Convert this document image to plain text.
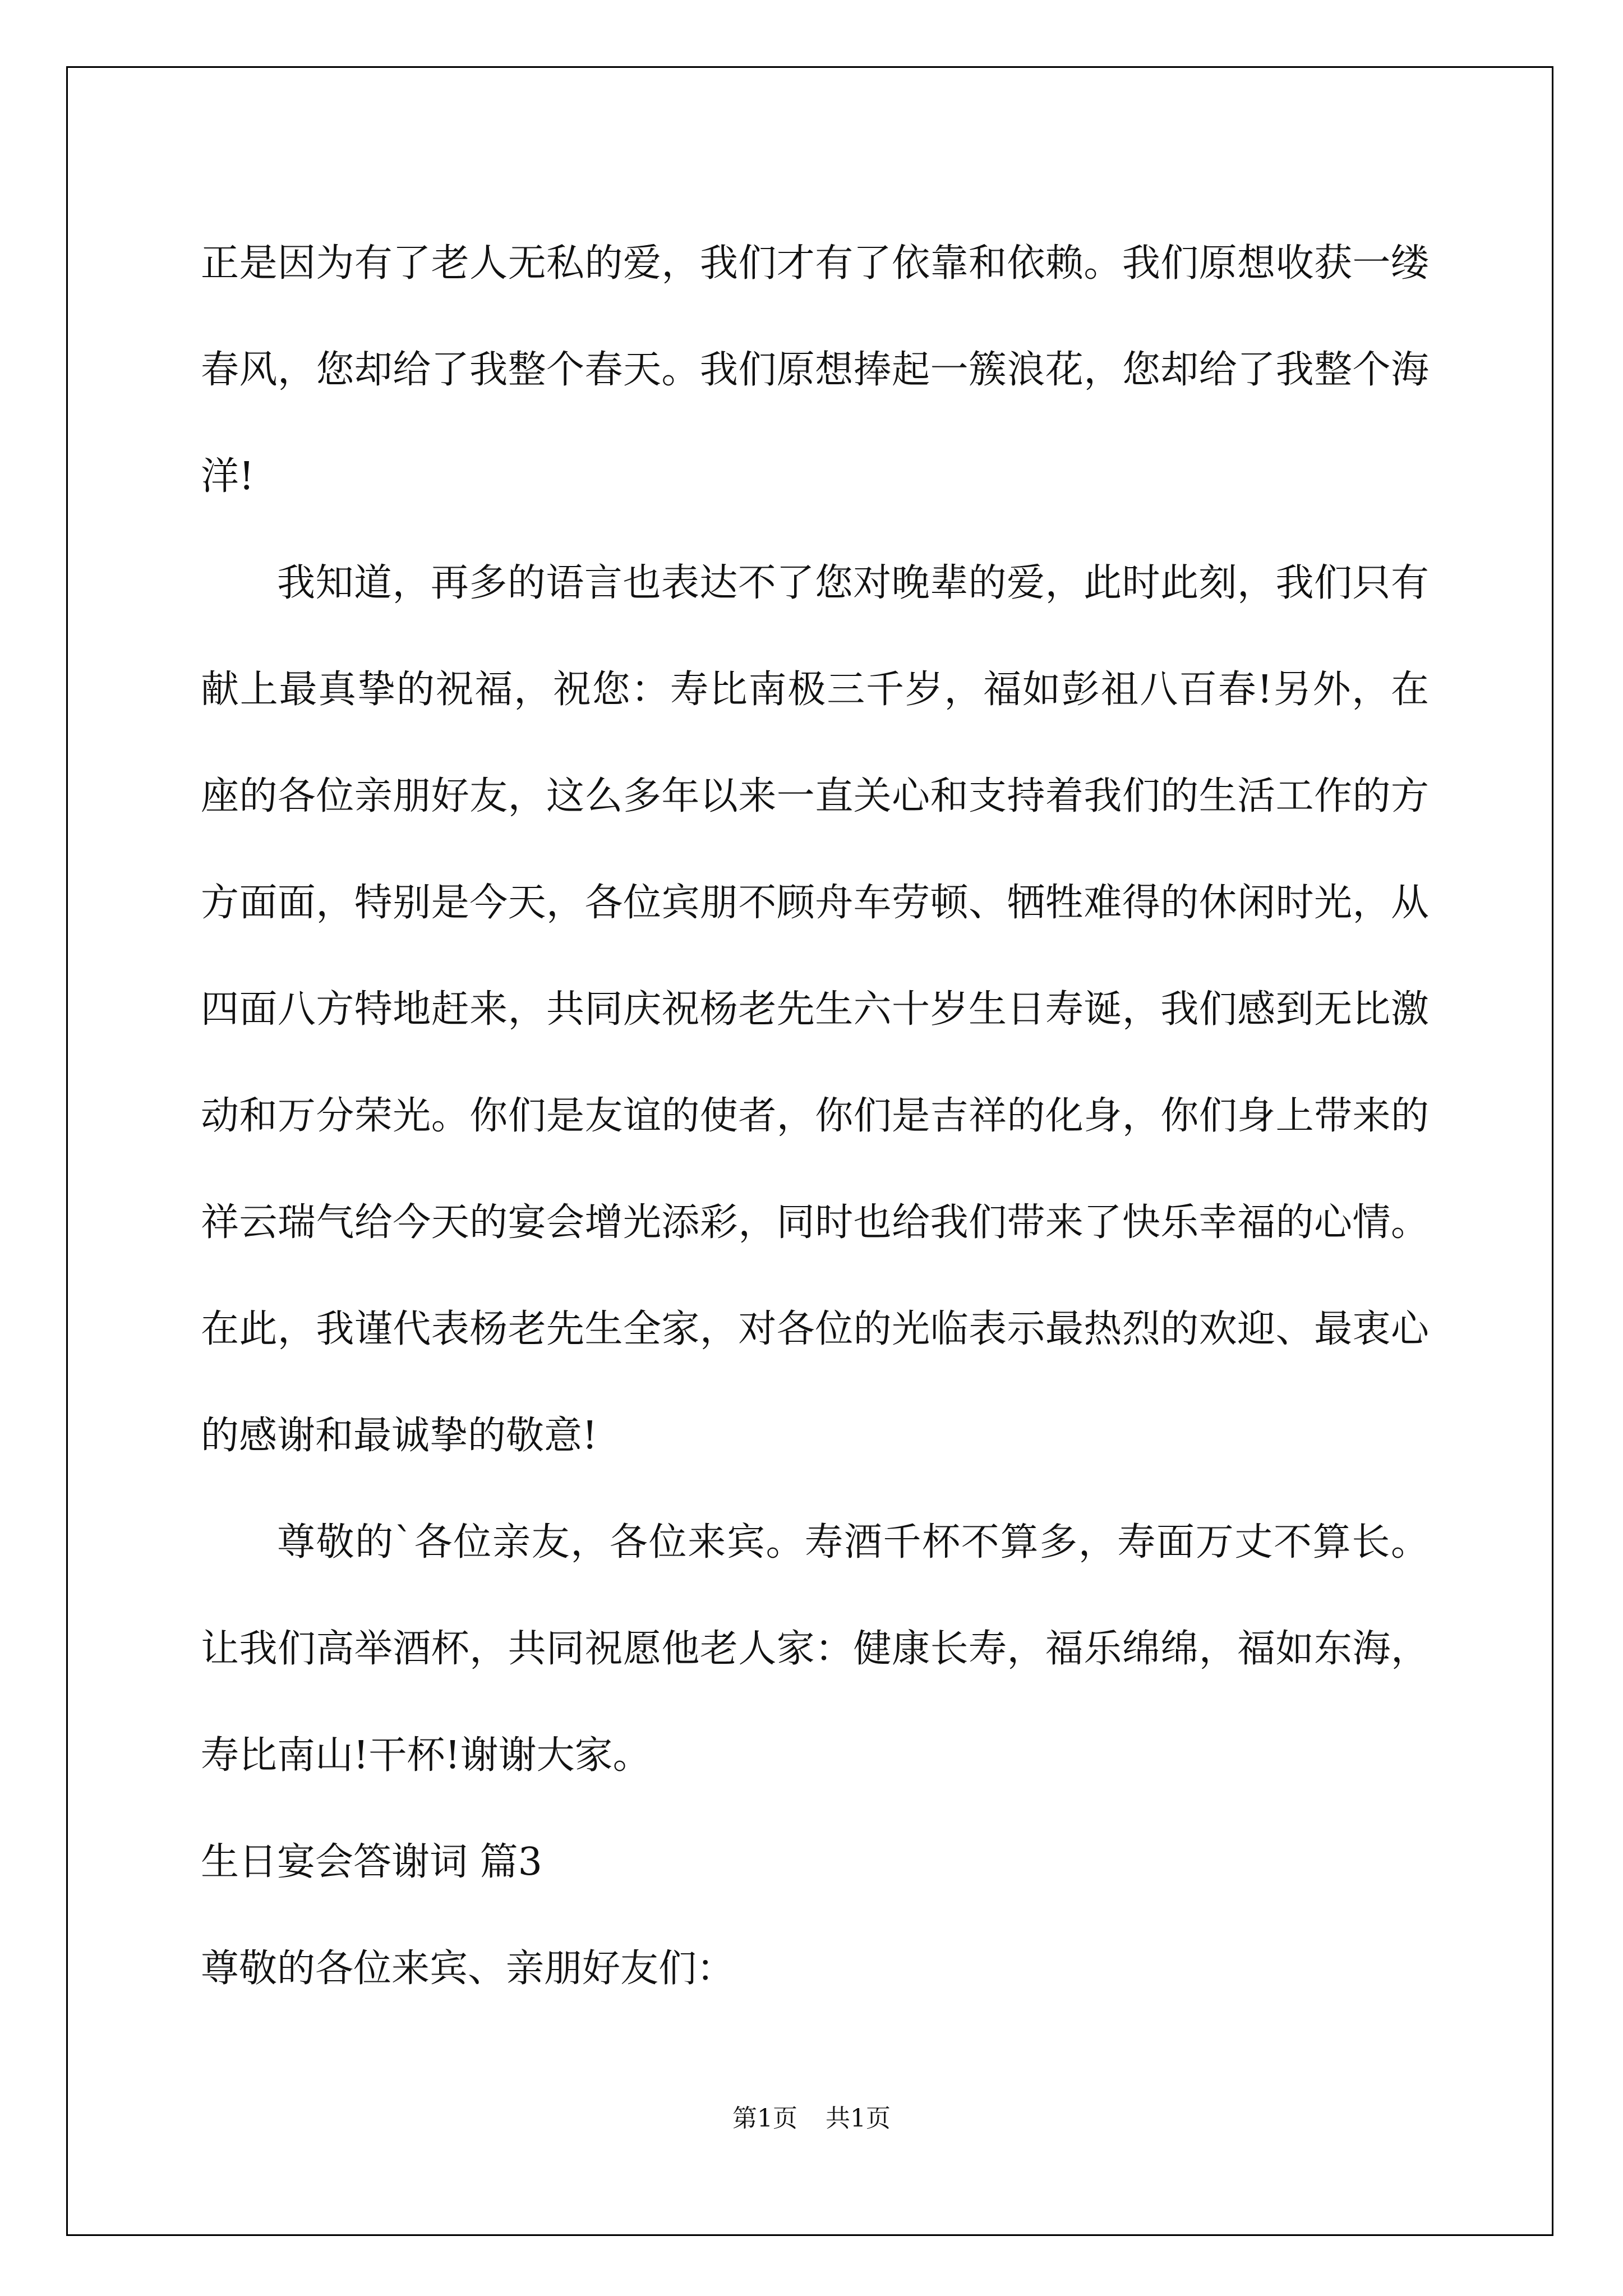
正是因为有了老人无私的爱，我们才有了依靠和依赖。我们原想收获一缕春风，您却给了我整个春天。我们原想捧起一簇浪花，您却给了我整个海洋!

我知道，再多的语言也表达不了您对晚辈的爱，此时此刻，我们只有献上最真挚的祝福，祝您：寿比南极三千岁，福如彭祖八百春!另外，在座的各位亲朋好友，这么多年以来一直关心和支持着我们的生活工作的方方面面，特别是今天，各位宾朋不顾舟车劳顿、牺牲难得的休闲时光，从四面八方特地赶来，共同庆祝杨老先生六十岁生日寿诞，我们感到无比激动和万分荣光。你们是友谊的使者，你们是吉祥的化身，你们身上带来的祥云瑞气给今天的宴会增光添彩，同时也给我们带来了快乐幸福的心情。在此，我谨代表杨老先生全家，对各位的光临表示最热烈的欢迎、最衷心的感谢和最诚挚的敬意!

尊敬的`各位亲友，各位来宾。寿酒千杯不算多，寿面万丈不算长。让我们高举酒杯，共同祝愿他老人家：健康长寿，福乐绵绵，福如东海，寿比南山!干杯!谢谢大家。

生日宴会答谢词 篇3

尊敬的各位来宾、亲朋好友们：

第1页 共1页
